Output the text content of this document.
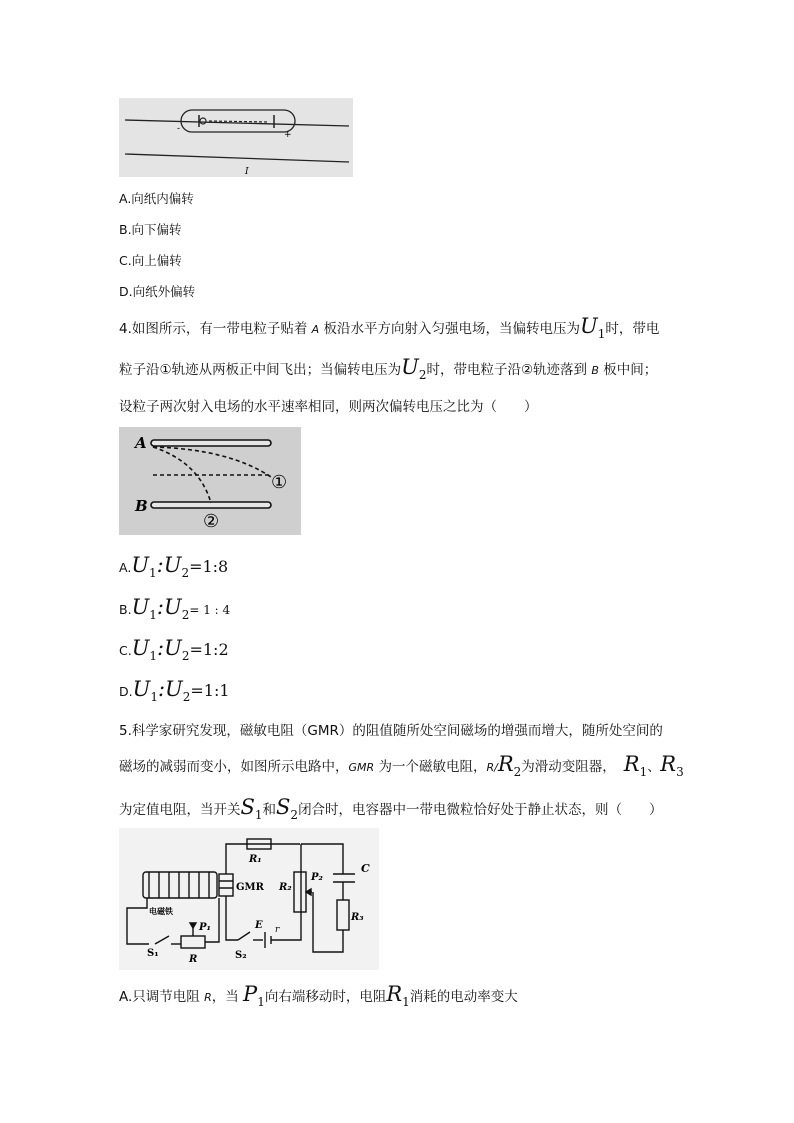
-
+
I
A.向纸内偏转
B.向下偏转
C.向上偏转
D.向纸外偏转
4.如图所示，有一带电粒子贴着 A 板沿水平方向射入匀强电场，当偏转电压为$U_1$时，带电
粒子沿①轨迹从两板正中间飞出；当偏转电压为$U_2$时，带电粒子沿②轨迹落到 B 板中间；
设粒子两次射入电场的水平速率相同，则两次偏转电压之比为（　　）
A
B
①
②
$A.U_1:U_2=1:8$
$B.U_1:U_2= 1$ : 4
$C.U_1:U_2=1:2$
$D.U_1:U_2=1:1$
5.科学家研究发现，磁敏电阻（GMR）的阻值随所处空间磁场的增强而增大，随所处空间的
磁场的减弱而变小，如图所示电路中，GMR 为一个磁敏电阻，$R/R_2$为滑动变阻器， $R_1$、$R_3$
为定值电阻，当开关$S_1$和$S_2$闭合时，电容器中一带电微粒恰好处于静止状态，则（　　）
R₁
GMR R₂
P₂
C
R₃
电磁铁
P₁
S₁
R
E r
S₂
A.只调节电阻 R，当 $P_1$向右端移动时，电阻$R_1$消耗的电动率变大
